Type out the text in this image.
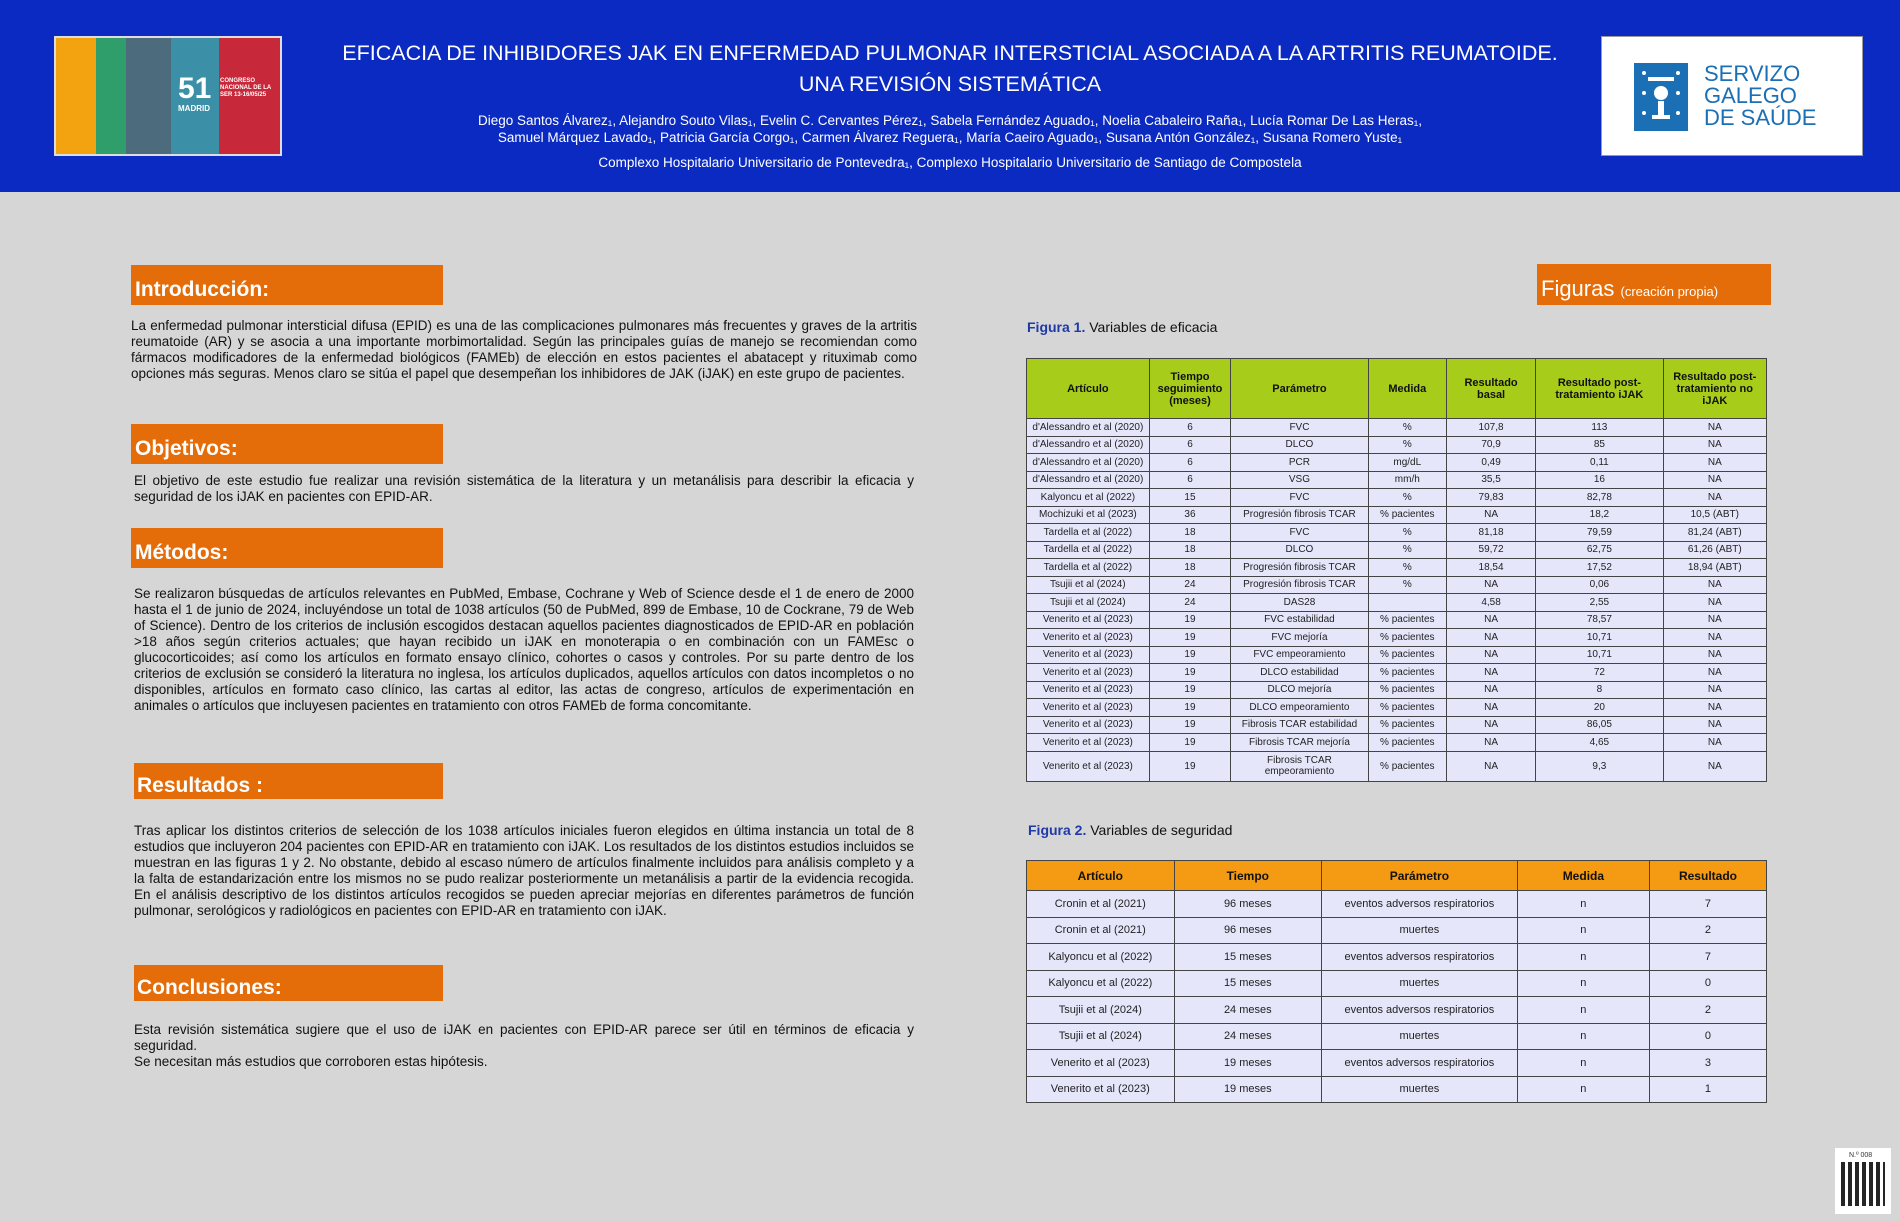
51
MADRID
CONGRESO NACIONAL DE LA SER 13-16/05/25
EFICACIA DE INHIBIDORES JAK EN ENFERMEDAD PULMONAR INTERSTICIAL ASOCIADA A LA ARTRITIS REUMATOIDE.
UNA REVISIÓN SISTEMÁTICA
Diego Santos Álvarez₁, Alejandro Souto Vilas₁, Evelin C. Cervantes Pérez₁, Sabela Fernández Aguado₁, Noelia Cabaleiro Raña₁, Lucía Romar De Las Heras₁,
Samuel Márquez Lavado₁, Patricia García Corgo₁, Carmen Álvarez Reguera₁, María Caeiro Aguado₁, Susana Antón González₁, Susana Romero Yuste₁
Complexo Hospitalario Universitario de Pontevedra₁, Complexo Hospitalario Universitario de Santiago de Compostela
SERVIZO
GALEGO
DE SAÚDE
Introducción:
La enfermedad pulmonar intersticial difusa (EPID) es una de las complicaciones pulmonares más frecuentes y graves de la artritis reumatoide (AR) y se asocia a una importante morbimortalidad. Según las principales guías de manejo se recomiendan como fármacos modificadores de la enfermedad biológicos (FAMEb) de elección en estos pacientes el abatacept y rituximab como opciones más seguras. Menos claro se sitúa el papel que desempeñan los inhibidores de JAK (iJAK) en este grupo de pacientes.
Objetivos:
El objetivo de este estudio fue realizar una revisión sistemática de la literatura y un metanálisis para describir la eficacia y seguridad de los iJAK en pacientes con EPID-AR.
Métodos:
Se realizaron búsquedas de artículos relevantes en PubMed, Embase, Cochrane y Web of Science desde el 1 de enero de 2000 hasta el 1 de junio de 2024, incluyéndose un total de 1038 artículos (50 de PubMed, 899 de Embase, 10 de Cockrane, 79 de Web of Science). Dentro de los criterios de inclusión escogidos destacan aquellos pacientes diagnosticados de EPID-AR en población >18 años según criterios actuales; que hayan recibido un iJAK en monoterapia o en combinación con un FAMEsc o glucocorticoides; así como los artículos en formato ensayo clínico, cohortes o casos y controles. Por su parte dentro de los criterios de exclusión se consideró la literatura no inglesa, los artículos duplicados, aquellos artículos con datos incompletos o no disponibles, artículos en formato caso clínico, las cartas al editor, las actas de congreso, artículos de experimentación en animales o artículos que incluyesen pacientes en tratamiento con otros FAMEb de forma concomitante.
Resultados :
Tras aplicar los distintos criterios de selección de los 1038 artículos iniciales fueron elegidos en última instancia un total de 8 estudios que incluyeron 204 pacientes con EPID-AR en tratamiento con iJAK. Los resultados de los distintos estudios incluidos se muestran en las figuras 1 y 2. No obstante, debido al escaso número de artículos finalmente incluidos para análisis completo y a la falta de estandarización entre los mismos no se pudo realizar posteriormente un metanálisis a partir de la evidencia recogida. En el análisis descriptivo de los distintos artículos recogidos se pueden apreciar mejorías en diferentes parámetros de función pulmonar, serológicos y radiológicos en pacientes con EPID-AR en tratamiento con iJAK.
Conclusiones:
Esta revisión sistemática sugiere que el uso de iJAK en pacientes con EPID-AR parece ser útil en términos de eficacia y seguridad.
Se necesitan más estudios que corroboren estas hipótesis.
Figuras (creación propia)
Figura 1. Variables de eficacia
Artículo	Tiempo seguimiento (meses)	Parámetro	Medida	Resultado basal	Resultado post-tratamiento iJAK	Resultado post-tratamiento no iJAK
d'Alessandro et al (2020)	6	FVC	%	107,8	113	NA
d'Alessandro et al (2020)	6	DLCO	%	70,9	85	NA
d'Alessandro et al (2020)	6	PCR	mg/dL	0,49	0,11	NA
d'Alessandro et al (2020)	6	VSG	mm/h	35,5	16	NA
Kalyoncu et al (2022)	15	FVC	%	79,83	82,78	NA
Mochizuki et al (2023)	36	Progresión fibrosis TCAR	% pacientes	NA	18,2	10,5 (ABT)
Tardella et al (2022)	18	FVC	%	81,18	79,59	81,24 (ABT)
Tardella et al (2022)	18	DLCO	%	59,72	62,75	61,26 (ABT)
Tardella et al (2022)	18	Progresión fibrosis TCAR	%	18,54	17,52	18,94 (ABT)
Tsujii et al (2024)	24	Progresión fibrosis TCAR	%	NA	0,06	NA
Tsujii et al (2024)	24	DAS28		4,58	2,55	NA
Venerito et al (2023)	19	FVC estabilidad	% pacientes	NA	78,57	NA
Venerito et al (2023)	19	FVC mejoría	% pacientes	NA	10,71	NA
Venerito et al (2023)	19	FVC empeoramiento	% pacientes	NA	10,71	NA
Venerito et al (2023)	19	DLCO estabilidad	% pacientes	NA	72	NA
Venerito et al (2023)	19	DLCO mejoría	% pacientes	NA	8	NA
Venerito et al (2023)	19	DLCO empeoramiento	% pacientes	NA	20	NA
Venerito et al (2023)	19	Fibrosis TCAR estabilidad	% pacientes	NA	86,05	NA
Venerito et al (2023)	19	Fibrosis TCAR mejoría	% pacientes	NA	4,65	NA
Venerito et al (2023)	19	Fibrosis TCAR empeoramiento	% pacientes	NA	9,3	NA
Figura 2. Variables de seguridad
Artículo	Tiempo	Parámetro	Medida	Resultado
Cronin et al (2021)	96 meses	eventos adversos respiratorios	n	7
Cronin et al (2021)	96 meses	muertes	n	2
Kalyoncu et al (2022)	15 meses	eventos adversos respiratorios	n	7
Kalyoncu et al (2022)	15 meses	muertes	n	0
Tsujii et al (2024)	24 meses	eventos adversos respiratorios	n	2
Tsujii et al (2024)	24 meses	muertes	n	0
Venerito et al (2023)	19 meses	eventos adversos respiratorios	n	3
Venerito et al (2023)	19 meses	muertes	n	1
N.º 008
